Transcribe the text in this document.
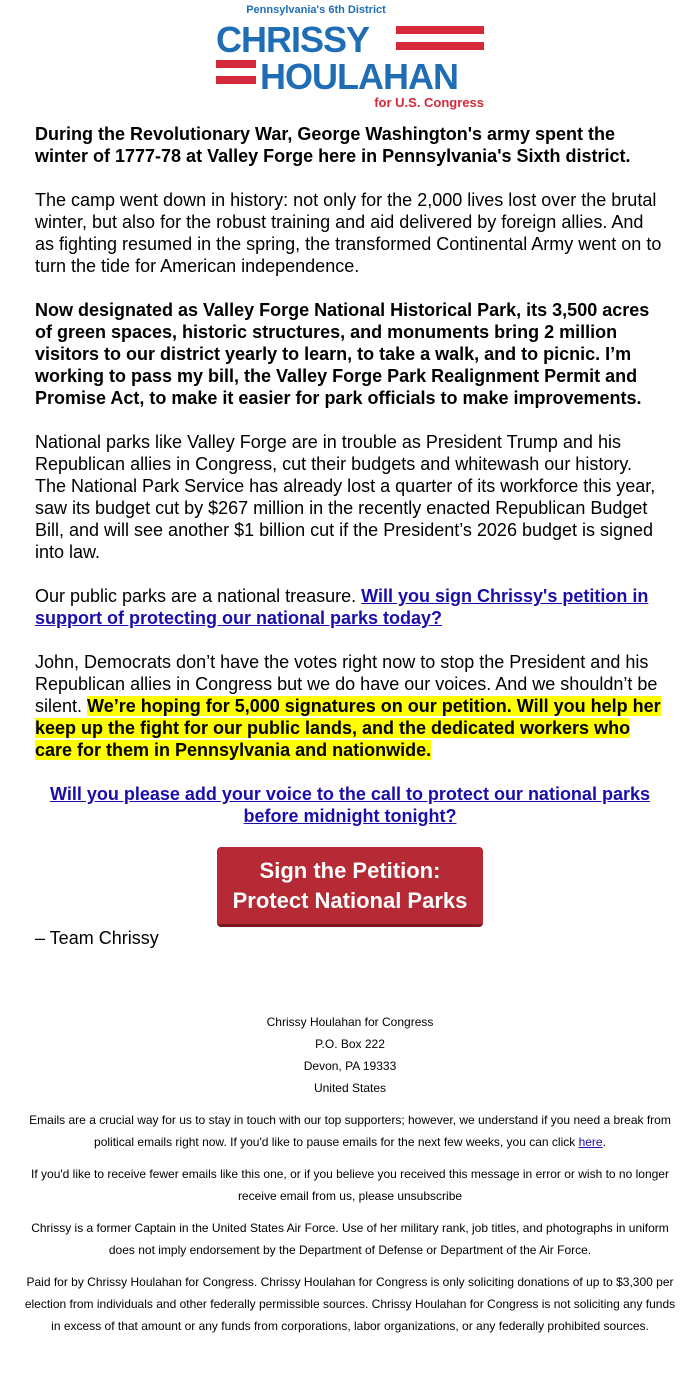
Pennsylvania's 6th District
CHRISSY
HOULAHAN
for U.S. Congress

During the Revolutionary War, George Washington's army spent the winter of 1777-78 at Valley Forge here in Pennsylvania's Sixth district.

The camp went down in history: not only for the 2,000 lives lost over the brutal winter, but also for the robust training and aid delivered by foreign allies. And as fighting resumed in the spring, the transformed Continental Army went on to turn the tide for American independence.

Now designated as Valley Forge National Historical Park, its 3,500 acres of green spaces, historic structures, and monuments bring 2 million visitors to our district yearly to learn, to take a walk, and to picnic. I’m working to pass my bill, the Valley Forge Park Realignment Permit and Promise Act, to make it easier for park officials to make improvements.

National parks like Valley Forge are in trouble as President Trump and his Republican allies in Congress, cut their budgets and whitewash our history. The National Park Service has already lost a quarter of its workforce this year, saw its budget cut by $267 million in the recently enacted Republican Budget Bill, and will see another $1 billion cut if the President’s 2026 budget is signed into law.

Our public parks are a national treasure. Will you sign Chrissy's petition in support of protecting our national parks today?

John, Democrats don’t have the votes right now to stop the President and his Republican allies in Congress but we do have our voices. And we shouldn’t be silent. We’re hoping for 5,000 signatures on our petition. Will you help her keep up the fight for our public lands, and the dedicated workers who care for them in Pennsylvania and nationwide.

Will you please add your voice to the call to protect our national parks before midnight tonight?

Sign the Petition:
Protect National Parks

– Team Chrissy

Chrissy Houlahan for Congress
P.O. Box 222
Devon, PA 19333
United States

Emails are a crucial way for us to stay in touch with our top supporters; however, we understand if you need a break from political emails right now. If you'd like to pause emails for the next few weeks, you can click here.

If you'd like to receive fewer emails like this one, or if you believe you received this message in error or wish to no longer receive email from us, please unsubscribe

Chrissy is a former Captain in the United States Air Force. Use of her military rank, job titles, and photographs in uniform does not imply endorsement by the Department of Defense or Department of the Air Force.

Paid for by Chrissy Houlahan for Congress. Chrissy Houlahan for Congress is only soliciting donations of up to $3,300 per election from individuals and other federally permissible sources. Chrissy Houlahan for Congress is not soliciting any funds in excess of that amount or any funds from corporations, labor organizations, or any federally prohibited sources.
